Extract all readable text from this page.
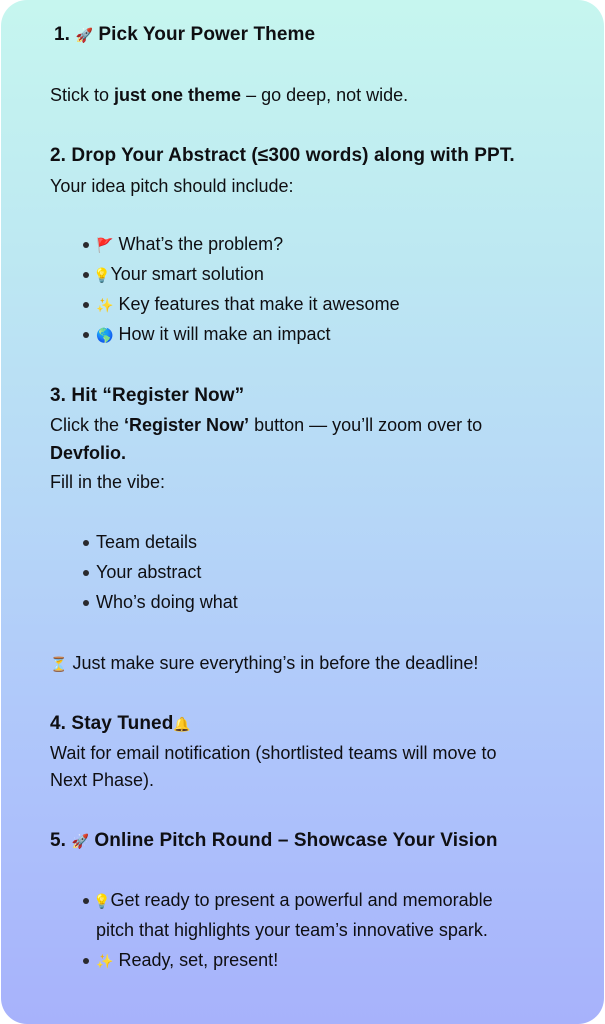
1. 🚀 Pick Your Power Theme
Stick to just one theme – go deep, not wide.
2. Drop Your Abstract (≤300 words) along with PPT.
Your idea pitch should include:
🚩 What’s the problem?
💡Your smart solution
✨ Key features that make it awesome
🌎 How it will make an impact
3. Hit “Register Now”
Click the ‘Register Now’ button — you’ll zoom over to
Devfolio.
Fill in the vibe:
Team details
Your abstract
Who’s doing what
⏳ Just make sure everything’s in before the deadline!
4. Stay Tuned🔔
Wait for email notification (shortlisted teams will move to
Next Phase).
5. 🚀 Online Pitch Round – Showcase Your Vision
💡Get ready to present a powerful and memorable
pitch that highlights your team’s innovative spark.
✨ Ready, set, present!
